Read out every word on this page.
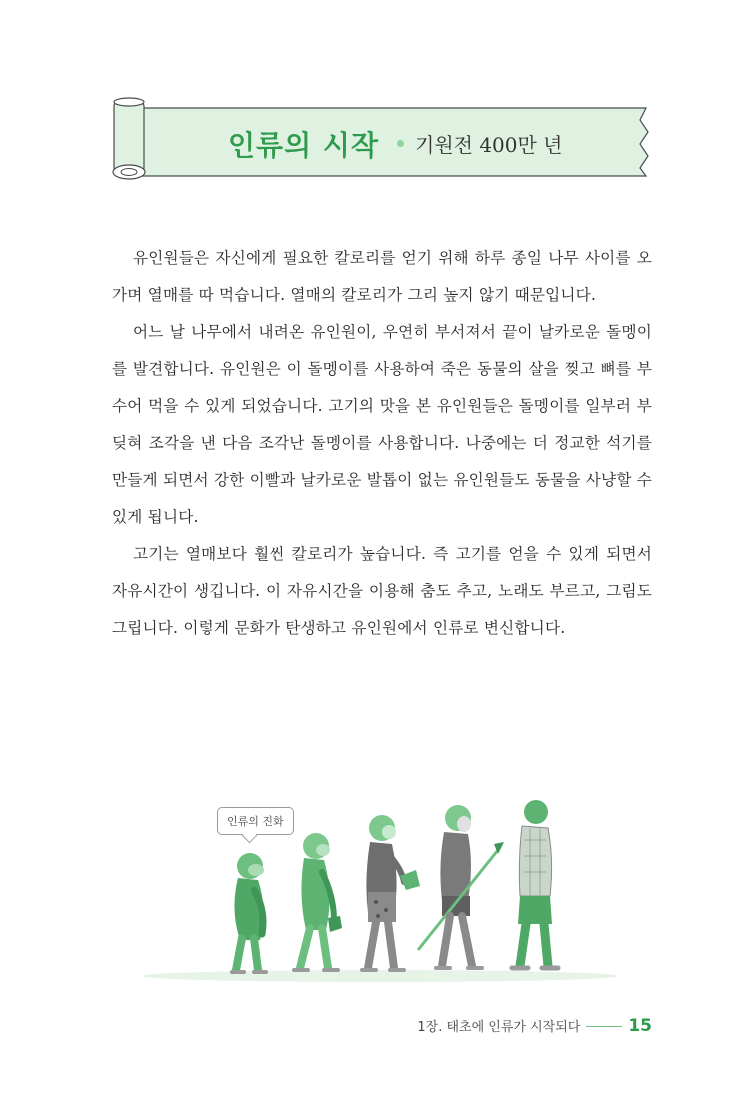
인류의 시작 기원전 400만 년

유인원들은 자신에게 필요한 칼로리를 얻기 위해 하루 종일 나무 사이를 오가며 열매를 따 먹습니다. 열매의 칼로리가 그리 높지 않기 때문입니다.

어느 날 나무에서 내려온 유인원이, 우연히 부서져서 끝이 날카로운 돌멩이를 발견합니다. 유인원은 이 돌멩이를 사용하여 죽은 동물의 살을 찢고 뼈를 부수어 먹을 수 있게 되었습니다. 고기의 맛을 본 유인원들은 돌멩이를 일부러 부딪혀 조각을 낸 다음 조각난 돌멩이를 사용합니다. 나중에는 더 정교한 석기를 만들게 되면서 강한 이빨과 날카로운 발톱이 없는 유인원들도 동물을 사냥할 수 있게 됩니다.

고기는 열매보다 훨씬 칼로리가 높습니다. 즉 고기를 얻을 수 있게 되면서 자유시간이 생깁니다. 이 자유시간을 이용해 춤도 추고, 노래도 부르고, 그림도 그립니다. 이렇게 문화가 탄생하고 유인원에서 인류로 변신합니다.

인류의 진화
1장. 태초에 인류가 시작되다	15
